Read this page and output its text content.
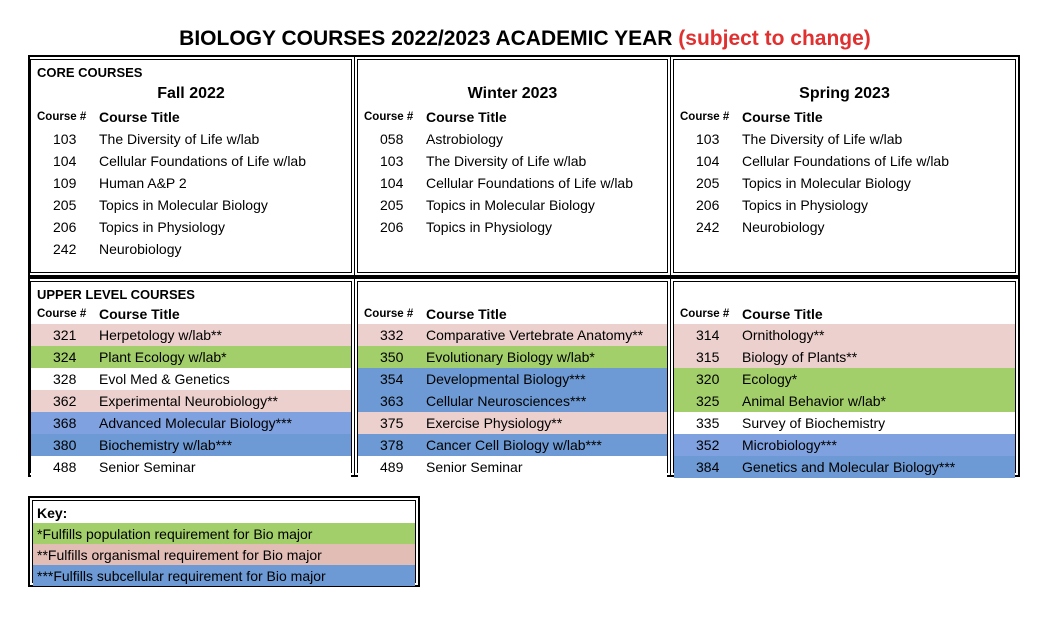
BIOLOGY COURSES 2022/2023 ACADEMIC YEAR (subject to change)
CORE COURSES
Fall 2022
Course # Course Title
103 The Diversity of Life w/lab
104 Cellular Foundations of Life w/lab
109 Human A&P 2
205 Topics in Molecular Biology
206 Topics in Physiology
242 Neurobiology
Winter 2023
Course # Course Title
058 Astrobiology
103 The Diversity of Life w/lab
104 Cellular Foundations of Life w/lab
205 Topics in Molecular Biology
206 Topics in Physiology
Spring 2023
Course # Course Title
103 The Diversity of Life w/lab
104 Cellular Foundations of Life w/lab
205 Topics in Molecular Biology
206 Topics in Physiology
242 Neurobiology
UPPER LEVEL COURSES
Course # Course Title
321 Herpetology w/lab**
324 Plant Ecology w/lab*
328 Evol Med & Genetics
362 Experimental Neurobiology**
368 Advanced Molecular Biology***
380 Biochemistry w/lab***
488 Senior Seminar
Course # Course Title
332 Comparative Vertebrate Anatomy**
350 Evolutionary Biology w/lab*
354 Developmental Biology***
363 Cellular Neurosciences***
375 Exercise Physiology**
378 Cancer Cell Biology w/lab***
489 Senior Seminar
Course # Course Title
314 Ornithology**
315 Biology of Plants**
320 Ecology*
325 Animal Behavior w/lab*
335 Survey of Biochemistry
352 Microbiology***
384 Genetics and Molecular Biology***
Key:
*Fulfills population requirement for Bio major
**Fulfills organismal requirement for Bio major
***Fulfills subcellular requirement for Bio major
